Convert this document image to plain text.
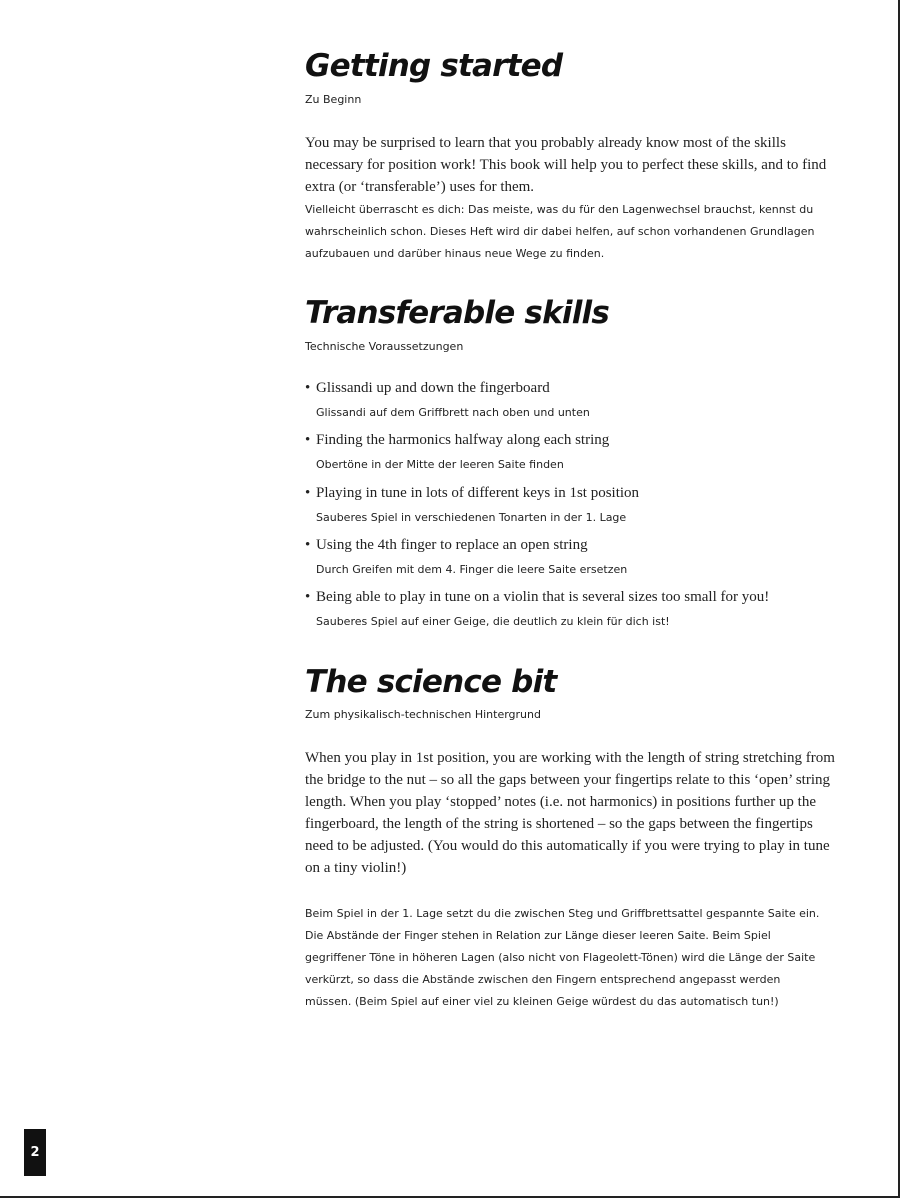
Getting started

Zu Beginn

You may be surprised to learn that you probably already know most of the skills necessary for position work! This book will help you to perfect these skills, and to find extra (or ‘transferable’) uses for them.

Vielleicht überrascht es dich: Das meiste, was du für den Lagenwechsel brauchst, kennst du wahrscheinlich schon. Dieses Heft wird dir dabei helfen, auf schon vorhandenen Grundlagen aufzubauen und darüber hinaus neue Wege zu finden.

Transferable skills

Technische Voraussetzungen

• Glissandi up and down the fingerboard
Glissandi auf dem Griffbrett nach oben und unten
• Finding the harmonics halfway along each string
Obertöne in der Mitte der leeren Saite finden
• Playing in tune in lots of different keys in 1st position
Sauberes Spiel in verschiedenen Tonarten in der 1. Lage
• Using the 4th finger to replace an open string
Durch Greifen mit dem 4. Finger die leere Saite ersetzen
• Being able to play in tune on a violin that is several sizes too small for you!
Sauberes Spiel auf einer Geige, die deutlich zu klein für dich ist!
The science bit

Zum physikalisch-technischen Hintergrund

When you play in 1st position, you are working with the length of string stretching from the bridge to the nut – so all the gaps between your fingertips relate to this ‘open’ string length. When you play ‘stopped’ notes (i.e. not harmonics) in positions further up the fingerboard, the length of the string is shortened – so the gaps between the fingertips need to be adjusted. (You would do this automatically if you were trying to play in tune on a tiny violin!)

Beim Spiel in der 1. Lage setzt du die zwischen Steg und Griffbrettsattel gespannte Saite ein. Die Abstände der Finger stehen in Relation zur Länge dieser leeren Saite. Beim Spiel gegriffener Töne in höheren Lagen (also nicht von Flageolett-Tönen) wird die Länge der Saite verkürzt, so dass die Abstände zwischen den Fingern entsprechend angepasst werden müssen. (Beim Spiel auf einer viel zu kleinen Geige würdest du das automatisch tun!)

2
